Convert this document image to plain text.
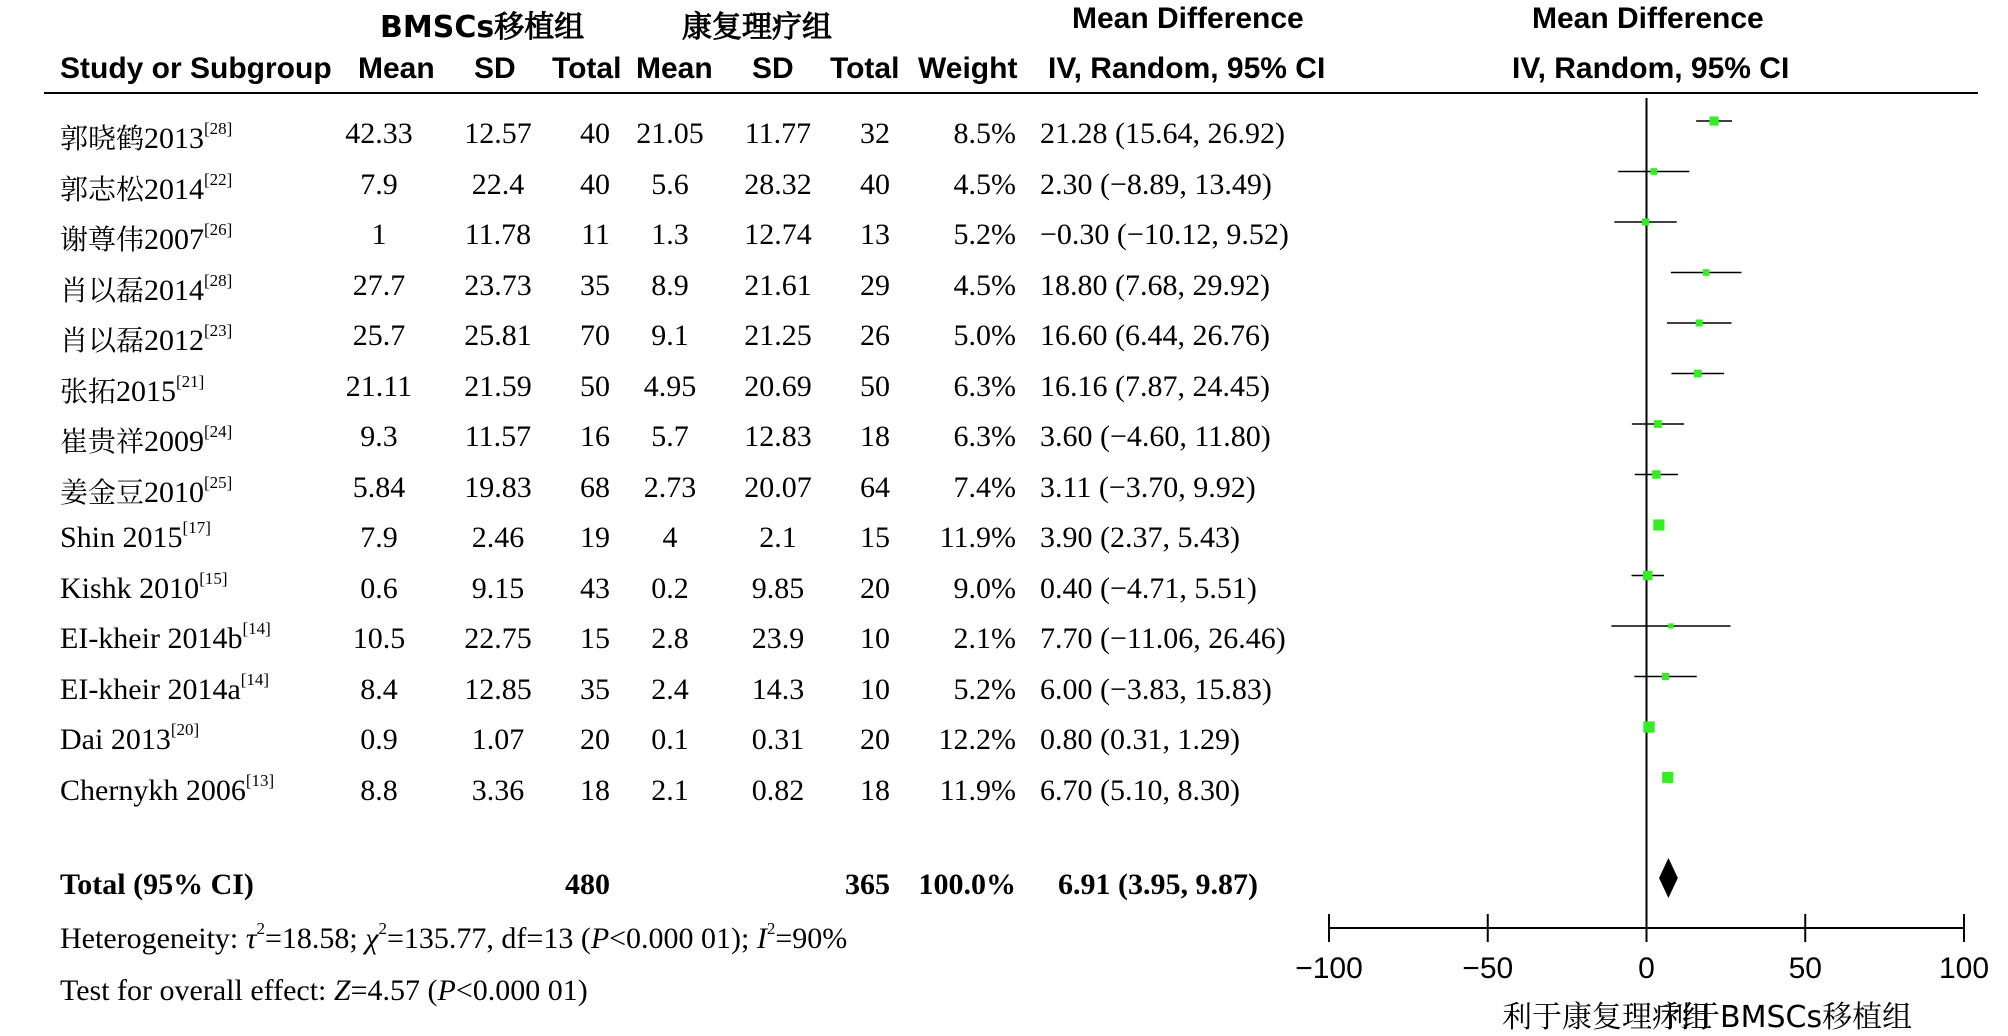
BMSCs移植组	康复理疗组	Mean Difference	Mean Difference
Study or Subgroup Mean SD Total Mean SD Total Weight IV, Random, 95% CI	IV, Random, 95% CI
郭晓鹤2013[28]	42.33	12.57	40 21.05	11.77	32	8.5% 21.28 (15.64, 26.92)
郭志松2014[22]	7.9	22.4	40	5.6	28.32	40	4.5% 2.30 (−8.89, 13.49)
谢尊伟2007[26]	1	11.78	11	1.3	12.74	13	5.2% −0.30 (−10.12, 9.52)
肖以磊2014[28]	27.7	23.73	35	8.9	21.61	29	4.5% 18.80 (7.68, 29.92)
肖以磊2012[23]	25.7	25.81	70	9.1	21.25	26	5.0% 16.60 (6.44, 26.76)
张拓2015[21]	21.11	21.59	50	4.95	20.69	50	6.3% 16.16 (7.87, 24.45)
崔贵祥2009[24]	9.3	11.57	16	5.7	12.83	18	6.3% 3.60 (−4.60, 11.80)
姜金豆2010[25]	5.84	19.83	68	2.73	20.07	64	7.4% 3.11 (−3.70, 9.92)
Shin 2015[17]	7.9	2.46	19	4	2.1	15	11.9% 3.90 (2.37, 5.43)
Kishk 2010[15]	0.6	9.15	43	0.2	9.85	20	9.0% 0.40 (−4.71, 5.51)
EI-kheir 2014b[14]	10.5	22.75	15	2.8	23.9	10	2.1% 7.70 (−11.06, 26.46)
EI-kheir 2014a[14]	8.4	12.85	35	2.4	14.3	10	5.2% 6.00 (−3.83, 15.83)
Dai 2013[20]	0.9	1.07	20	0.1	0.31	20	12.2% 0.80 (0.31, 1.29)
Chernykh 2006[13]	8.8	3.36	18	2.1	0.82	18	11.9% 6.70 (5.10, 8.30)
Total (95% CI)	480	365 100.0% 6.91 (3.95, 9.87)
Heterogeneity: $\tau^2=18.58$; $\chi^2=135.77$, df=13 (P<0.000 01); $I^2=90\%$
Test for overall effect: Z=4.57 (P<0.000 01)
−100	−50	0	50	100
利于康复理疗组
利于BMSCs移植组
